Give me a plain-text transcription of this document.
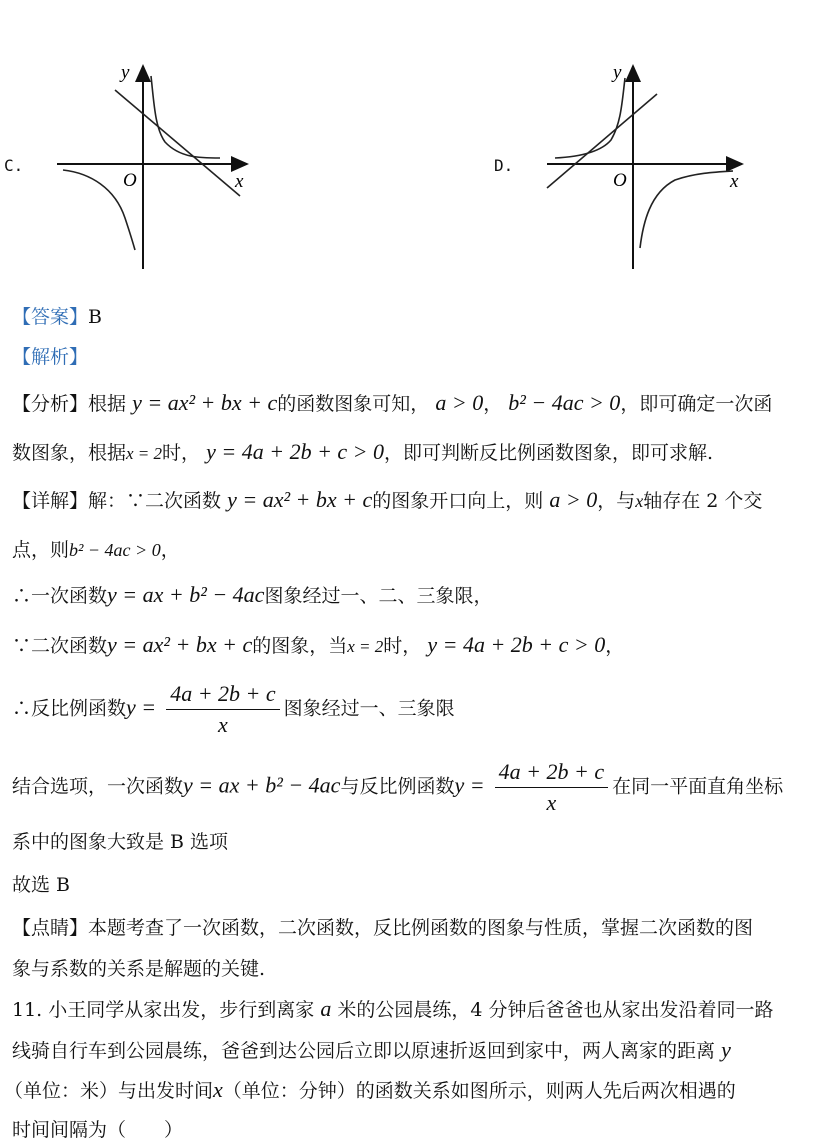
C.
x
y
O
D.
x
y
O
【答案】B
【解析】
【分析】根据 y = ax² + bx + c的函数图象可知， a > 0， b² − 4ac > 0，即可确定一次函
数图象，根据x = 2时， y = 4a + 2b + c > 0，即可判断反比例函数图象，即可求解.
【详解】解：∵二次函数 y = ax² + bx + c的图象开口向上，则 a > 0，与x轴存在 2 个交
点，则b² − 4ac > 0，
∴一次函数y = ax + b² − 4ac图象经过一、二、三象限，
∵二次函数y = ax² + bx + c的图象，当x = 2时， y = 4a + 2b + c > 0，
∴反比例函数$y = \frac{4a + 2b + c}{x}$ 图象经过一、三象限
结合选项，一次函数y = ax + b² − 4ac与反比例函数$y = \frac{4a + 2b + c}{x}$ 在同一平面直角坐标
系中的图象大致是 B 选项
故选 B
【点睛】本题考查了一次函数，二次函数，反比例函数的图象与性质，掌握二次函数的图
象与系数的关系是解题的关键.
11. 小王同学从家出发，步行到离家 a 米的公园晨练，4 分钟后爸爸也从家出发沿着同一路
线骑自行车到公园晨练，爸爸到达公园后立即以原速折返回到家中，两人离家的距离 y
（单位：米）与出发时间x（单位：分钟）的函数关系如图所示，则两人先后两次相遇的
时间间隔为（　　）
